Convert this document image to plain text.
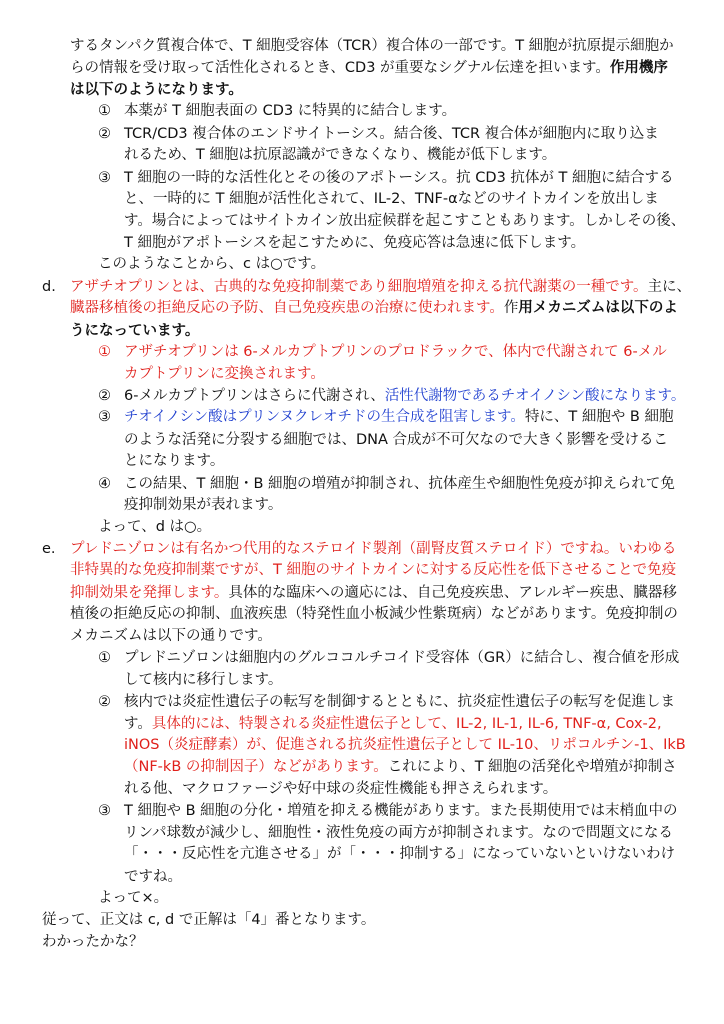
するタンパク質複合体で、T 細胞受容体（TCR）複合体の一部です。T 細胞が抗原提示細胞か
らの情報を受け取って活性化されるとき、CD3 が重要なシグナル伝達を担います。作用機序
は以下のようになります。
① 本薬が T 細胞表面の CD3 に特異的に結合します。
② TCR/CD3 複合体のエンドサイトーシス。結合後、TCR 複合体が細胞内に取り込ま
れるため、T 細胞は抗原認識ができなくなり、機能が低下します。
③ T 細胞の一時的な活性化とその後のアポトーシス。抗 CD3 抗体が T 細胞に結合する
と、一時的に T 細胞が活性化されて、IL-2、TNF-αなどのサイトカインを放出しま
す。場合によってはサイトカイン放出症候群を起こすこともあります。しかしその後、
T 細胞がアポトーシスを起こすために、免疫応答は急速に低下します。
このようなことから、c は○です。
d. アザチオプリンとは、古典的な免疫抑制薬であり細胞増殖を抑える抗代謝薬の一種です。主に、
臓器移植後の拒絶反応の予防、自己免疫疾患の治療に使われます。作用メカニズムは以下のよ
うになっています。
① アザチオプリンは 6-メルカプトプリンのプロドラックで、体内で代謝されて 6-メル
カプトプリンに変換されます。
② 6-メルカプトプリンはさらに代謝され、活性代謝物であるチオイノシン酸になります。
③ チオイノシン酸はプリンヌクレオチドの生合成を阻害します。特に、T 細胞や B 細胞
のような活発に分裂する細胞では、DNA 合成が不可欠なので大きく影響を受けるこ
とになります。
④ この結果、T 細胞・B 細胞の増殖が抑制され、抗体産生や細胞性免疫が抑えられて免
疫抑制効果が表れます。
よって、d は○。
e. プレドニゾロンは有名かつ代用的なステロイド製剤（副腎皮質ステロイド）ですね。いわゆる
非特異的な免疫抑制薬ですが、T 細胞のサイトカインに対する反応性を低下させることで免疫
抑制効果を発揮します。具体的な臨床への適応には、自己免疫疾患、アレルギー疾患、臓器移
植後の拒絶反応の抑制、血液疾患（特発性血小板減少性紫斑病）などがあります。免疫抑制の
メカニズムは以下の通りです。
① プレドニゾロンは細胞内のグルココルチコイド受容体（GR）に結合し、複合値を形成
して核内に移行します。
② 核内では炎症性遺伝子の転写を制御するとともに、抗炎症性遺伝子の転写を促進しま
す。具体的には、特製される炎症性遺伝子として、IL-2, IL-1, IL-6, TNF-α, Cox-2,
iNOS（炎症酵素）が、促進される抗炎症性遺伝子として IL-10、リポコルチン-1、IkB
（NF-kB の抑制因子）などがあります。これにより、T 細胞の活発化や増殖が抑制さ
れる他、マクロファージや好中球の炎症性機能も押さえられます。
③ T 細胞や B 細胞の分化・増殖を抑える機能があります。また長期使用では末梢血中の
リンパ球数が減少し、細胞性・液性免疫の両方が抑制されます。なので問題文になる
「・・・反応性を亢進させる」が「・・・抑制する」になっていないといけないわけ
ですね。
よって×。
従って、正文は c, d で正解は「4」番となります。
わかったかな？
